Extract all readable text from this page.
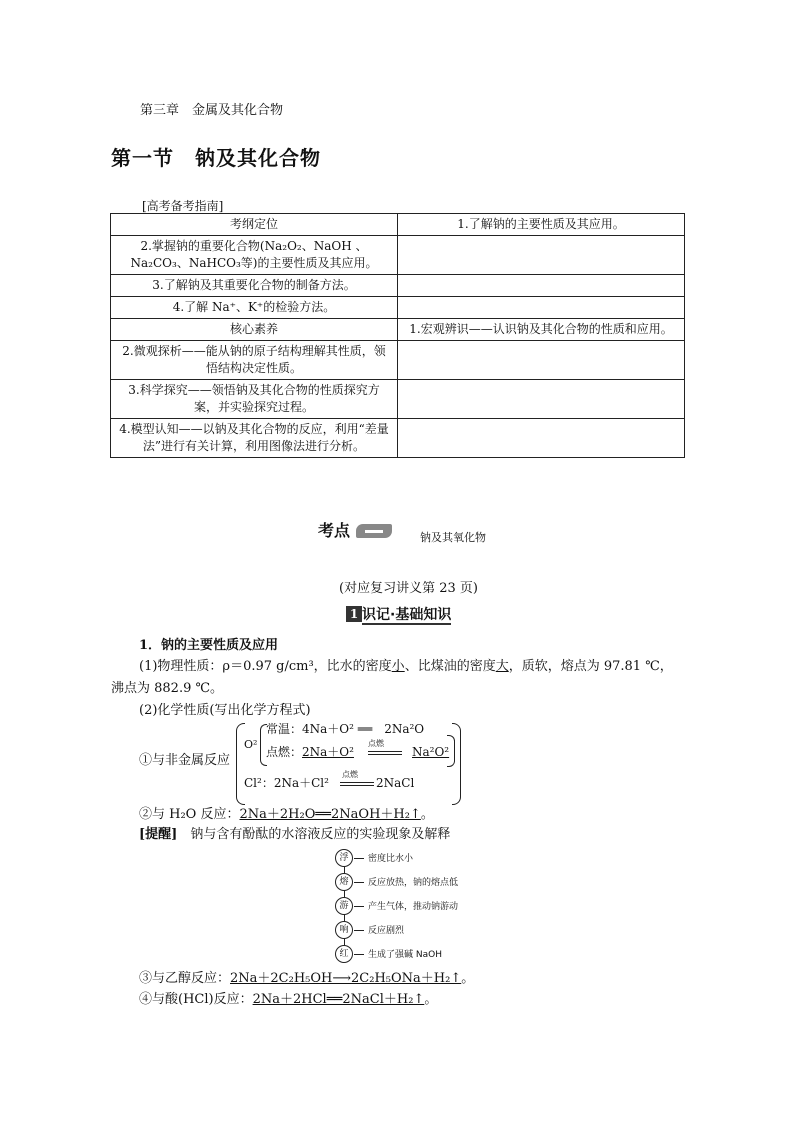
第三章　金属及其化合物
第一节　钠及其化合物
[高考备考指南]
考纲定位	1.了解钠的主要性质及其应用。
2.掌握钠的重要化合物(Na₂O₂、NaOH 、Na₂CO₃、NaHCO₃等)的主要性质及其应用。	
3.了解钠及其重要化合物的制备方法。	
4.了解 Na⁺、K⁺的检验方法。	
核心素养	1.宏观辨识——认识钠及其化合物的性质和应用。
2.微观探析——能从钠的原子结构理解其性质，领悟结构决定性质。	
3.科学探究——领悟钠及其化合物的性质探究方案，并实验探究过程。	
4.模型认知——以钠及其化合物的反应，利用“差量法”进行有关计算，利用图像法进行分析。	
考点	钠及其氧化物
(对应复习讲义第 23 页)
1 识记·基础知识
1．钠的主要性质及应用
(1)物理性质：ρ＝0.97 g/cm³，比水的密度小、比煤油的密度大，质软，熔点为 97.81 ℃，
沸点为 882.9 ℃。
(2)化学性质(写出化学方程式)
①与非金属反应
O²
常温：4Na＋O² ══　2Na²O
点燃：2Na＋O²
点燃
Na²O²
Cl²：2Na＋Cl²
点燃
2NaCl
②与 H₂O 反应：2Na＋2H₂O══2NaOH＋H₂↑。
[提醒]　 钠与含有酚酞的水溶液反应的实验现象及解释
浮	密度比水小
熔	反应放热，钠的熔点低
游	产生气体，推动钠游动
响	反应剧烈
红	生成了强碱 NaOH
③与乙醇反应：2Na＋2C₂H₅OH⟶2C₂H₅ONa＋H₂↑。
④与酸(HCl)反应：2Na＋2HCl══2NaCl＋H₂↑。
